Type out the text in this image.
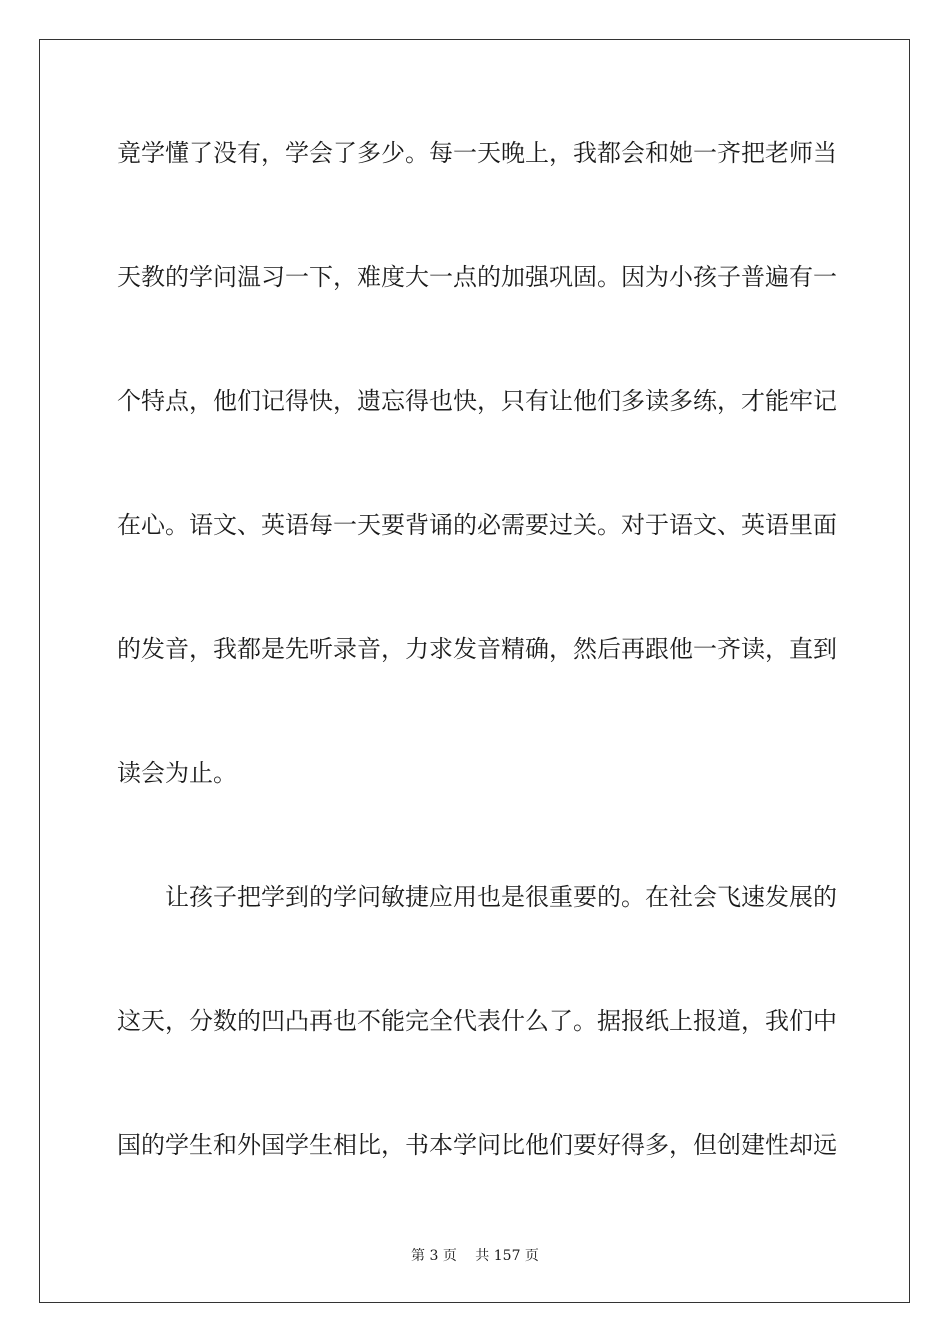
竟学懂了没有，学会了多少。每一天晚上，我都会和她一齐把老师当
天教的学问温习一下，难度大一点的加强巩固。因为小孩子普遍有一
个特点，他们记得快，遗忘得也快，只有让他们多读多练，才能牢记
在心。语文、英语每一天要背诵的必需要过关。对于语文、英语里面
的发音，我都是先听录音，力求发音精确，然后再跟他一齐读，直到
读会为止。
让孩子把学到的学问敏捷应用也是很重要的。在社会飞速发展的
这天，分数的凹凸再也不能完全代表什么了。据报纸上报道，我们中
国的学生和外国学生相比，书本学问比他们要好得多，但创建性却远
第 3 页　 共 157 页
